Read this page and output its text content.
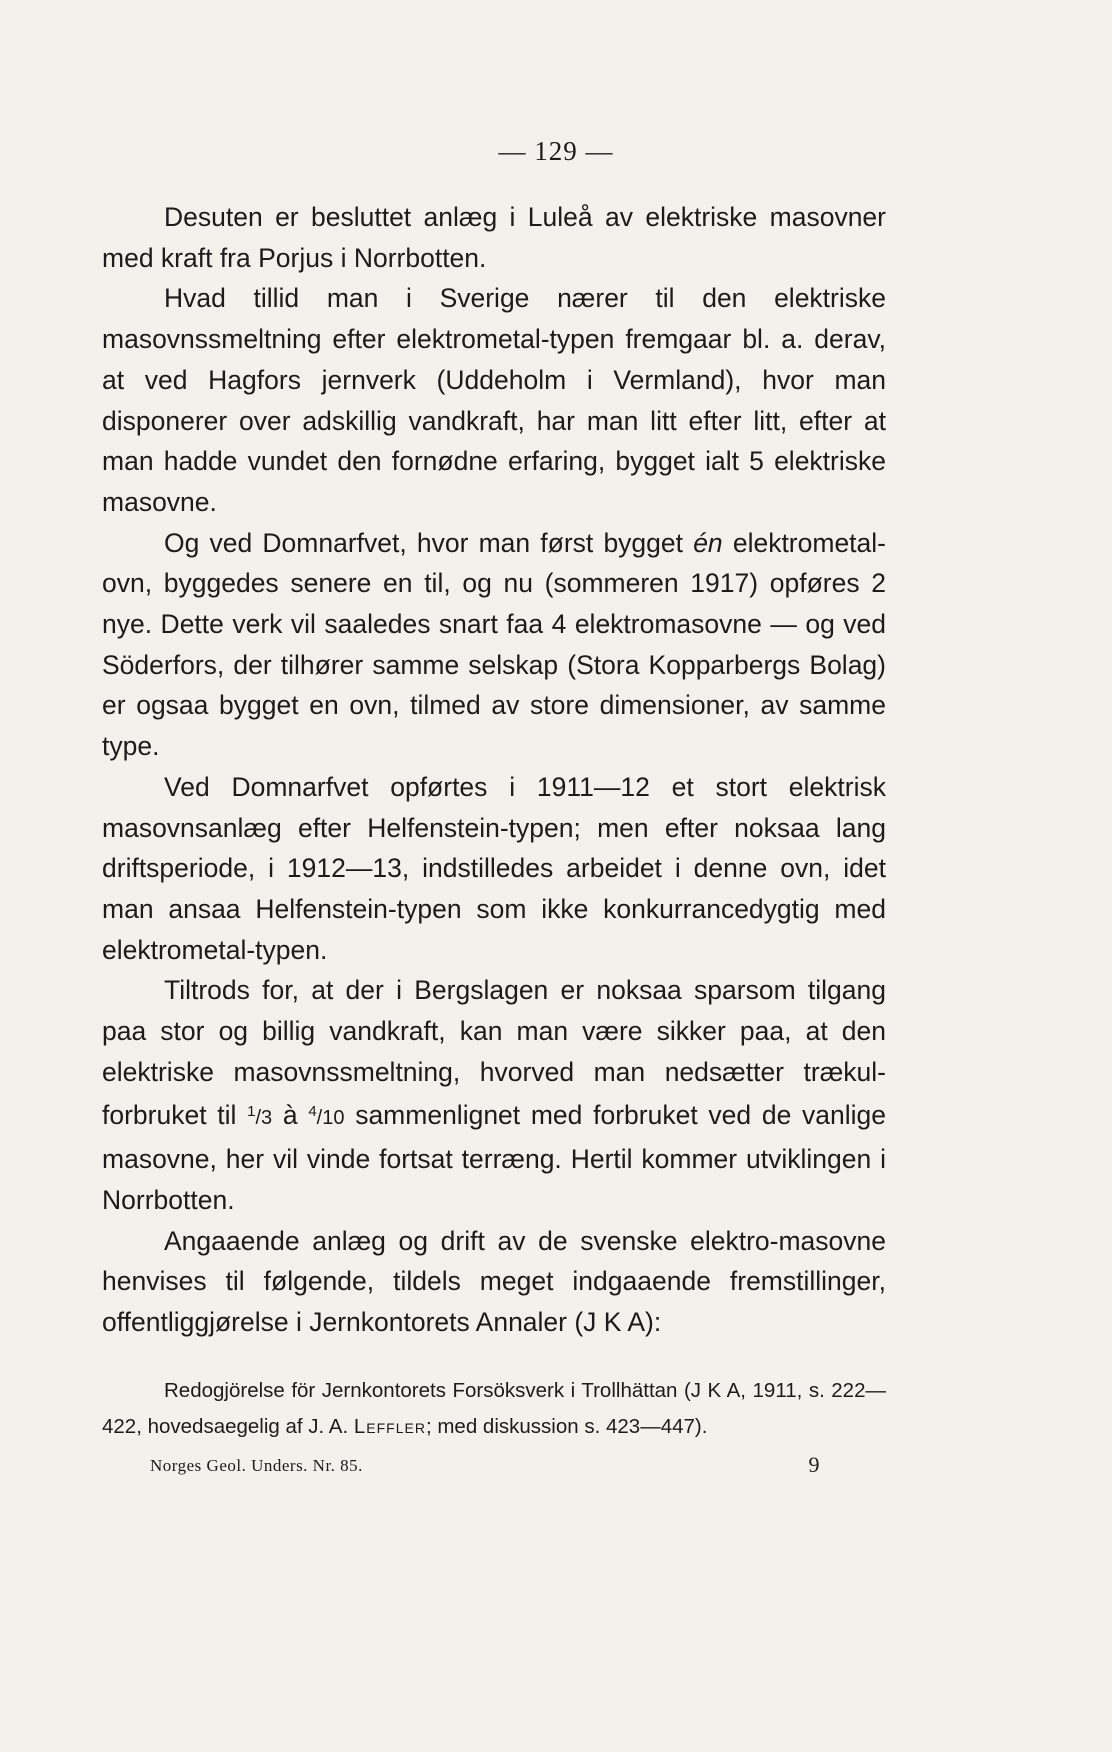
— 129 —

Desuten er besluttet anlæg i Luleå av elektriske masovner med kraft fra Porjus i Norrbotten.

Hvad tillid man i Sverige nærer til den elektriske masovnssmeltning efter elektrometal-typen fremgaar bl. a. derav, at ved Hagfors jernverk (Uddeholm i Vermland), hvor man disponerer over adskillig vandkraft, har man litt efter litt, efter at man hadde vundet den fornødne erfaring, bygget ialt 5 elektriske masovne.

Og ved Domnarfvet, hvor man først bygget én elektrometal-ovn, byggedes senere en til, og nu (sommeren 1917) opføres 2 nye. Dette verk vil saaledes snart faa 4 elektromasovne — og ved Söderfors, der tilhører samme selskap (Stora Kopparbergs Bolag) er ogsaa bygget en ovn, tilmed av store dimensioner, av samme type.

Ved Domnarfvet opførtes i 1911—12 et stort elektrisk masovnsanlæg efter Helfenstein-typen; men efter noksaa lang driftsperiode, i 1912—13, indstilledes arbeidet i denne ovn, idet man ansaa Helfenstein-typen som ikke konkurrancedygtig med elektrometal-typen.

Tiltrods for, at der i Bergslagen er noksaa sparsom tilgang paa stor og billig vandkraft, kan man være sikker paa, at den elektriske masovnssmeltning, hvorved man nedsætter trækul-forbruket til $^1$/3 à $^4$/10 sammenlignet med forbruket ved de vanlige masovne, her vil vinde fortsat terræng. Hertil kommer utviklingen i Norrbotten.

Angaaende anlæg og drift av de svenske elektro-masovne henvises til følgende, tildels meget indgaaende fremstillinger, offentliggjørelse i Jernkontorets Annaler (J K A):

Redogjörelse för Jernkontorets Forsöksverk i Trollhättan (J K A, 1911, s. 222—422, hovedsaegelig af J. A. Leffler; med diskussion s. 423—447).

Norges Geol. Unders. Nr. 85.	9
